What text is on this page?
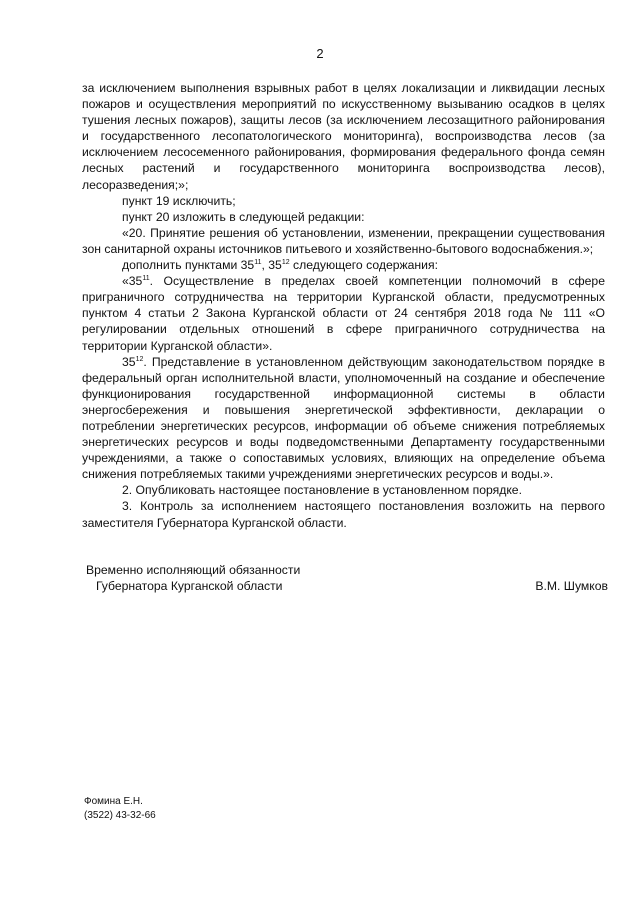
2

за исключением выполнения взрывных работ в целях локализации и ликвидации лесных пожаров и осуществления мероприятий по искусственному вызыванию осадков в целях тушения лесных пожаров), защиты лесов (за исключением лесозащитного районирования и государственного лесопатологического мониторинга), воспроизводства лесов (за исключением лесосеменного районирования, формирования федерального фонда семян лесных растений и государственного мониторинга воспроизводства лесов), лесоразведения;»;

пункт 19 исключить;

пункт 20 изложить в следующей редакции:

«20. Принятие решения об установлении, изменении, прекращении существования зон санитарной охраны источников питьевого и хозяйственно-бытового водоснабжения.»;

дополнить пунктами $35^{11}$, $35^{12}$ следующего содержания:

«$35^{11}$. Осуществление в пределах своей компетенции полномочий в сфере приграничного сотрудничества на территории Курганской области, предусмотренных пунктом 4 статьи 2 Закона Курганской области от 24 сентября 2018 года № 111 «О регулировании отдельных отношений в сфере приграничного сотрудничества на территории Курганской области».

$35^{12}$. Представление в установленном действующим законодательством порядке в федеральный орган исполнительной власти, уполномоченный на создание и обеспечение функционирования государственной информационной системы в области энергосбережения и повышения энергетической эффективности, декларации о потреблении энергетических ресурсов, информации об объеме снижения потребляемых энергетических ресурсов и воды подведомственными Департаменту государственными учреждениями, а также о сопоставимых условиях, влияющих на определение объема снижения потребляемых такими учреждениями энергетических ресурсов и воды.».

2. Опубликовать настоящее постановление в установленном порядке.

3. Контроль за исполнением настоящего постановления возложить на первого заместителя Губернатора Курганской области.

Временно исполняющий обязанности
Губернатора Курганской области	В.М. Шумков
Фомина Е.Н.
(3522) 43-32-66
